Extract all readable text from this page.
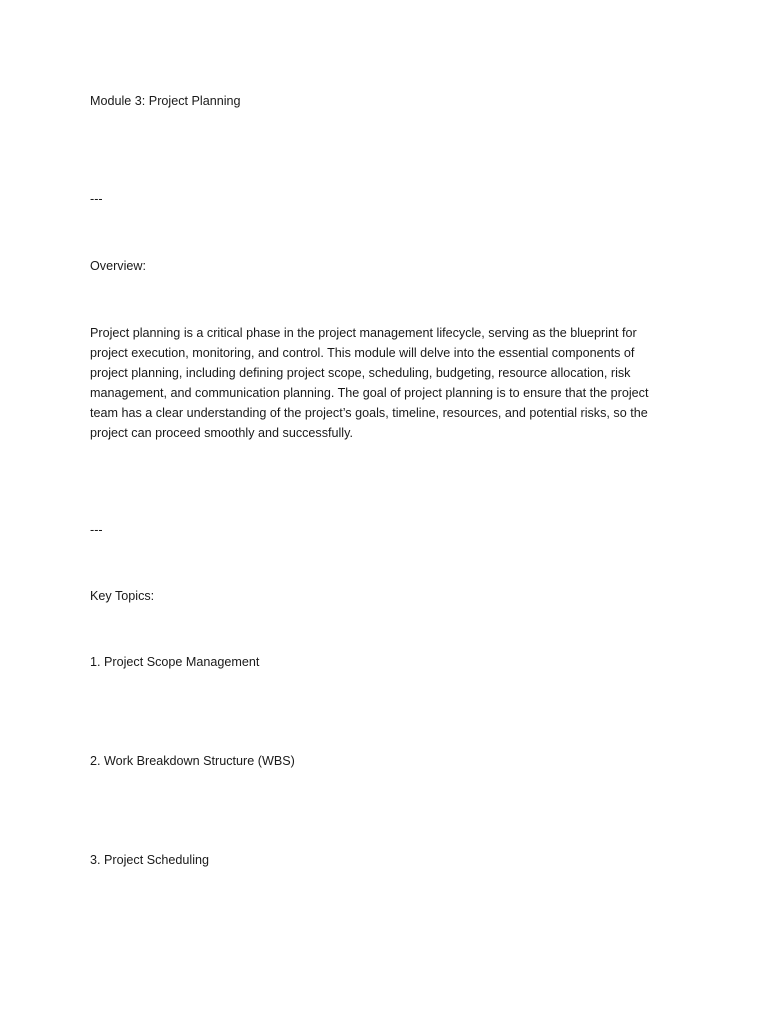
Module 3: Project Planning
---
Overview:
Project planning is a critical phase in the project management lifecycle, serving as the blueprint for
project execution, monitoring, and control. This module will delve into the essential components of
project planning, including defining project scope, scheduling, budgeting, resource allocation, risk
management, and communication planning. The goal of project planning is to ensure that the project
team has a clear understanding of the project’s goals, timeline, resources, and potential risks, so the
project can proceed smoothly and successfully.
---
Key Topics:
1. Project Scope Management
2. Work Breakdown Structure (WBS)
3. Project Scheduling
